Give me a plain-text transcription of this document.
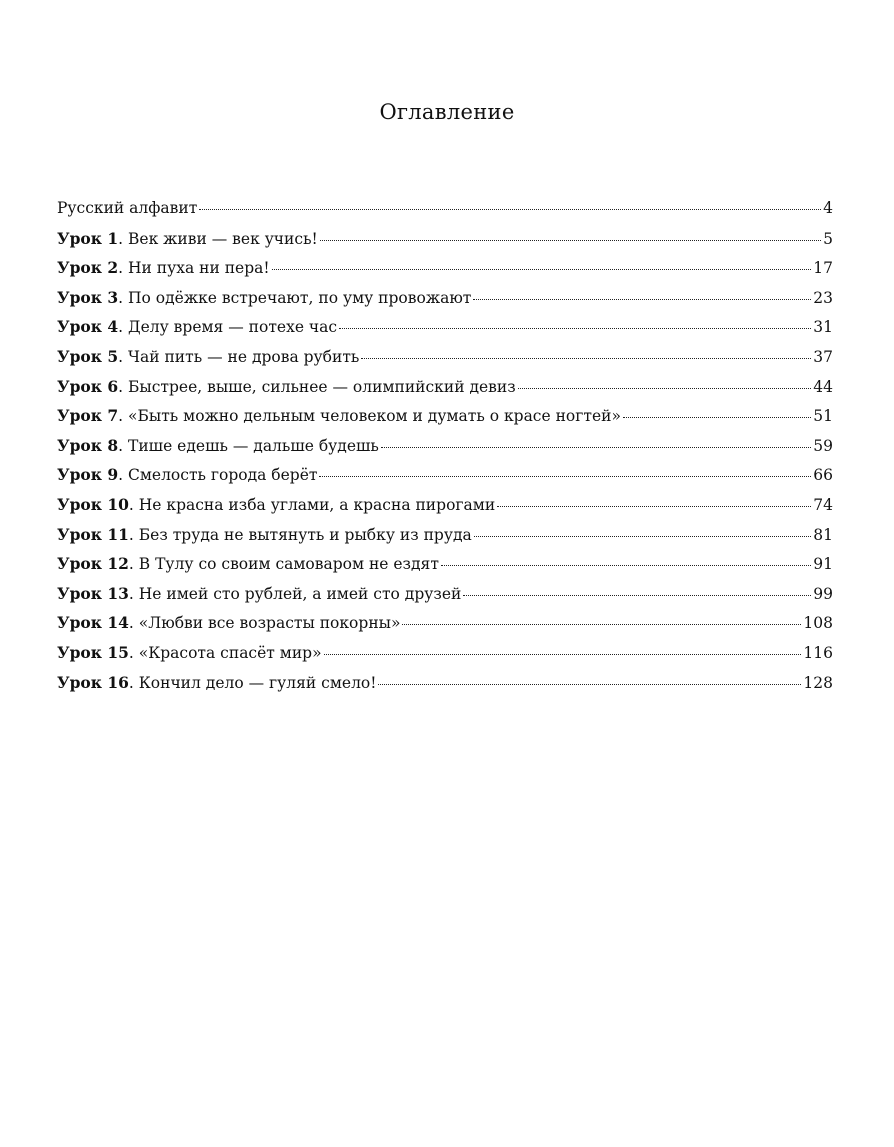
Оглавление
Русский алфавит	4
Урок 1. Век живи — век учись!	5
Урок 2. Ни пуха ни пера!	17
Урок 3. По одёжке встречают, по уму провожают	23
Урок 4. Делу время — потехе час	31
Урок 5. Чай пить — не дрова рубить	37
Урок 6. Быстрее, выше, сильнее — олимпийский девиз	44
Урок 7. «Быть можно дельным человеком и думать о красе ногтей»	51
Урок 8. Тише едешь — дальше будешь	59
Урок 9. Смелость города берёт	66
Урок 10. Не красна изба углами, а красна пирогами	74
Урок 11. Без труда не вытянуть и рыбку из пруда	81
Урок 12. В Тулу со своим самоваром не ездят	91
Урок 13. Не имей сто рублей, а имей сто друзей	99
Урок 14. «Любви все возрасты покорны»	108
Урок 15. «Красота спасёт мир»	116
Урок 16. Кончил дело — гуляй смело!	128
